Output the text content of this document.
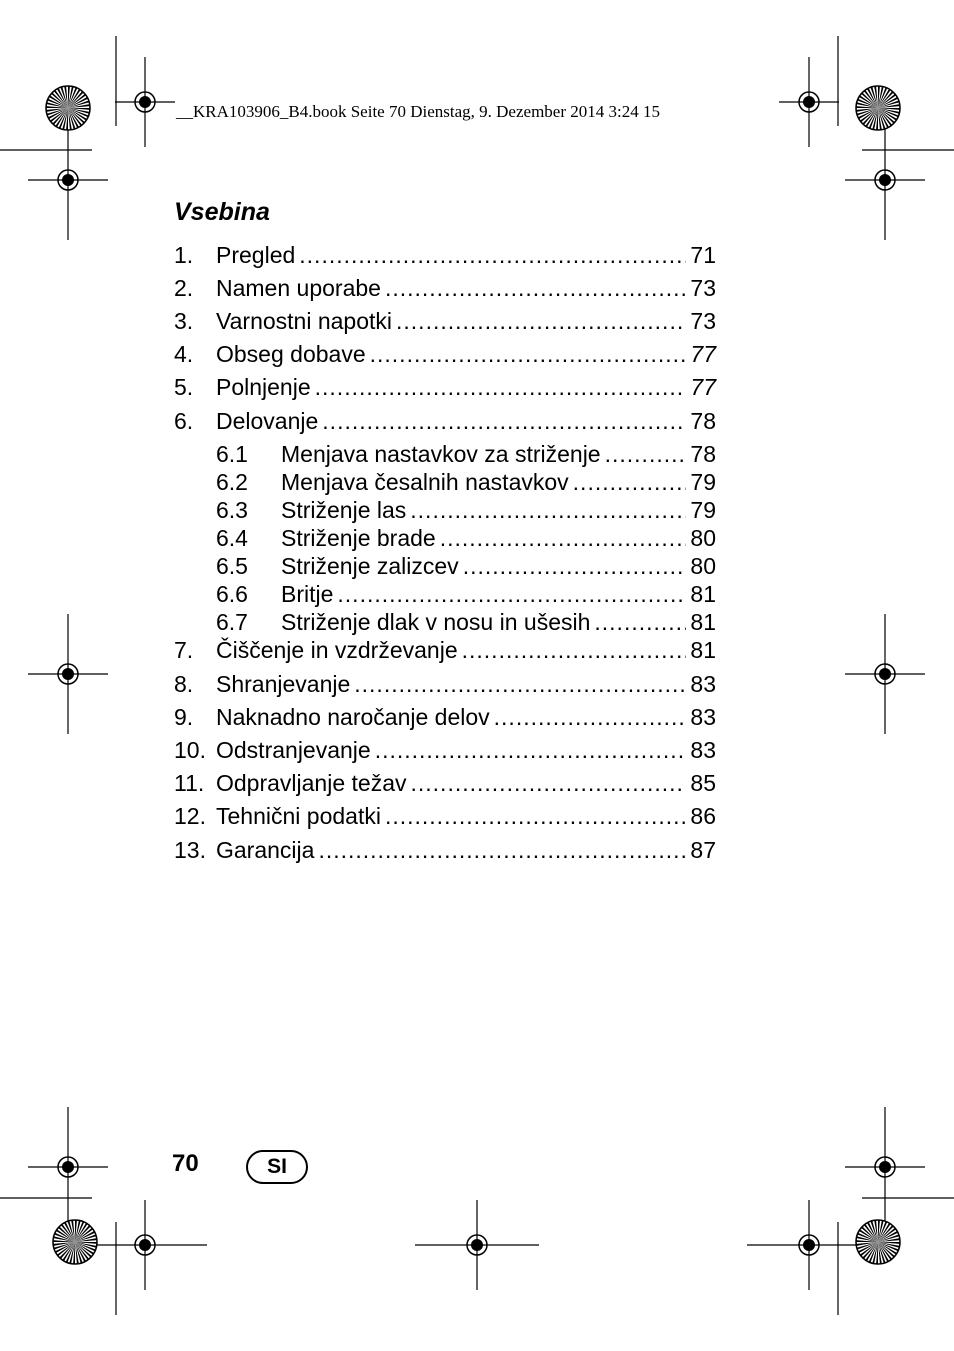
__KRA103906_B4.book Seite 70 Dienstag, 9. Dezember 2014 3:24 15
Vsebina
1. Pregled .....	71
2. Namen uporabe .....	73
3. Varnostni napotki .....	73
4. Obseg dobave .....	77
5. Polnjenje .....	77
6. Delovanje .....	78
6.1	Menjava nastavkov za striženje .....	78
6.2	Menjava česalnih nastavkov .....	79
6.3	Striženje las .....	79
6.4	Striženje brade .....	80
6.5	Striženje zalizcev .....	80
6.6	Britje .....	81
6.7	Striženje dlak v nosu in ušesih .....	81
7. Čiščenje in vzdrževanje .....	81
8. Shranjevanje .....	83
9. Naknadno naročanje delov .....	83
10. Odstranjevanje .....	83
11. Odpravljanje težav .....	85
12. Tehnični podatki .....	86
13. Garancija .....	87
70	SI
